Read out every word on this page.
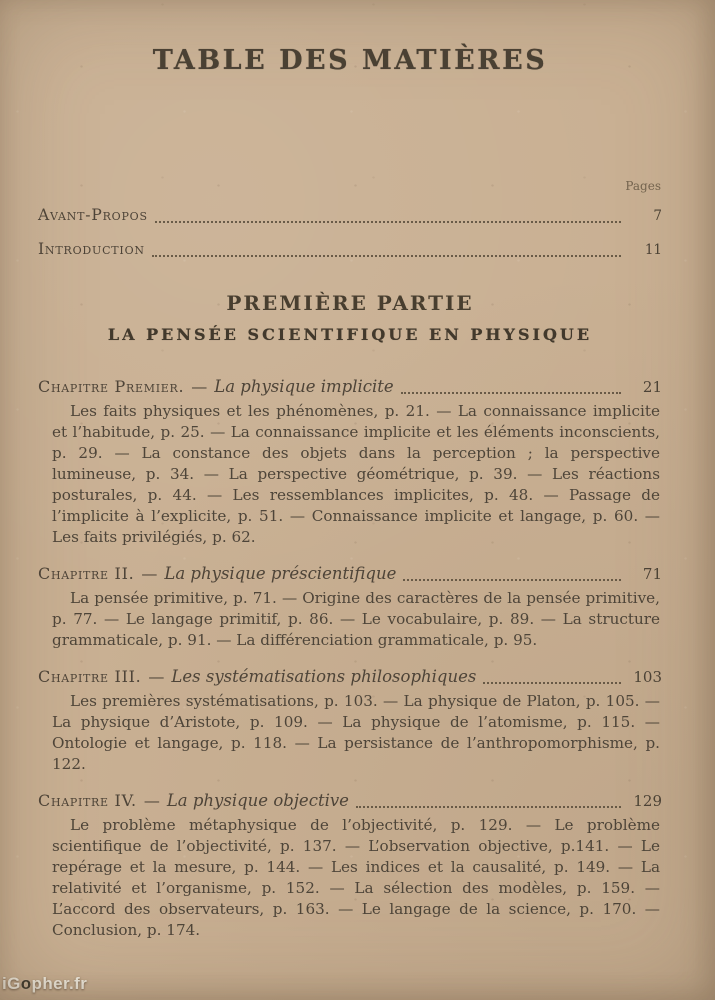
TABLE DES MATIÈRES
Pages
Avant-Propos	7
Introduction	11
PREMIÈRE PARTIE
LA PENSÉE SCIENTIFIQUE EN PHYSIQUE
Chapitre Premier. — La physique implicite	21

Les faits physiques et les phénomènes, p. 21. — La connaissance implicite et l’habitude, p. 25. — La connaissance implicite et les éléments inconscients, p. 29. — La constance des objets dans la perception ; la perspective lumineuse, p. 34. — La perspective géométrique, p. 39. — Les réactions posturales, p. 44. — Les ressemblances implicites, p. 48. — Passage de l’implicite à l’explicite, p. 51. — Connaissance implicite et langage, p. 60. — Les faits privilégiés, p. 62.

Chapitre II. — La physique préscientifique	71

La pensée primitive, p. 71. — Origine des caractères de la pensée primitive, p. 77. — Le langage primitif, p. 86. — Le vocabulaire, p. 89. — La structure grammaticale, p. 91. — La différenciation grammaticale, p. 95.

Chapitre III. — Les systématisations philosophiques	103

Les premières systématisations, p. 103. — La physique de Platon, p. 105. — La physique d’Aristote, p. 109. — La physique de l’atomisme, p. 115. — Ontologie et langage, p. 118. — La persistance de l’anthropomorphisme, p. 122.

Chapitre IV. — La physique objective	129

Le problème métaphysique de l’objectivité, p. 129. — Le problème scientifique de l’objectivité, p. 137. — L’observation objective, p.141. — Le repérage et la mesure, p. 144. — Les indices et la causalité, p. 149. — La relativité et l’organisme, p. 152. — La sélection des modèles, p. 159. — L’accord des observateurs, p. 163. — Le langage de la science, p. 170. — Conclusion, p. 174.

iGopher.fr
